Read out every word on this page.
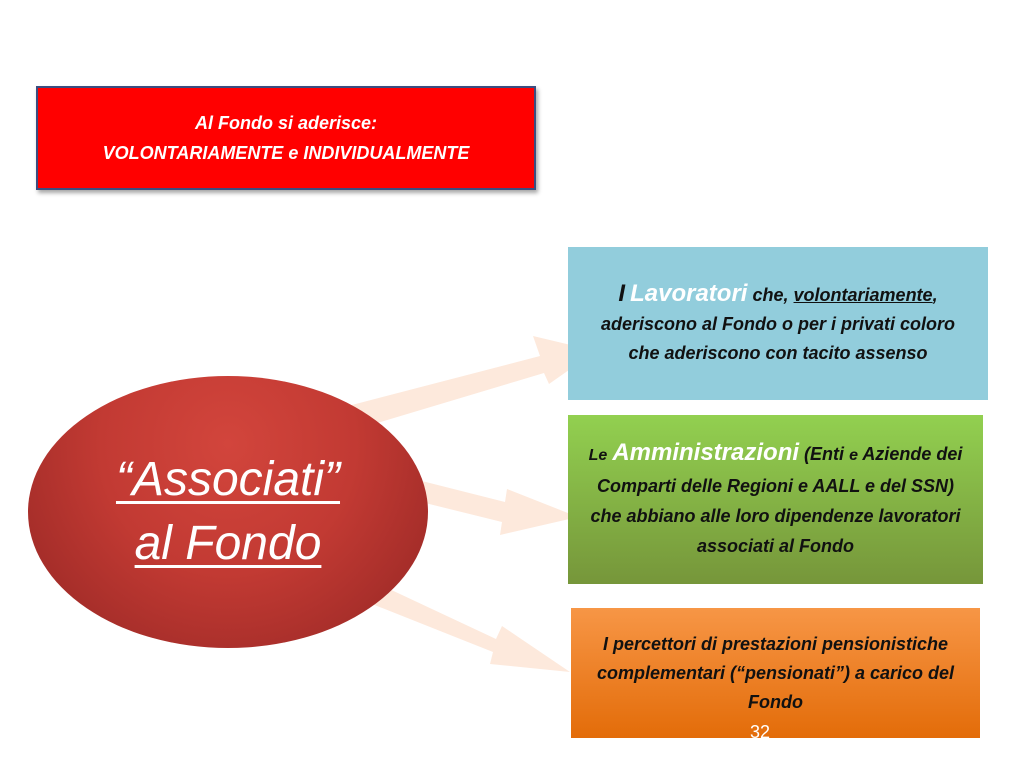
Al Fondo si aderisce:
VOLONTARIAMENTE e INDIVIDUALMENTE
“Associati”
al Fondo
I Lavoratori che, volontariamente, aderiscono al Fondo o per i privati coloro che aderiscono con tacito assenso
Le Amministrazioni (Enti e Aziende dei Comparti delle Regioni e AALL e del SSN) che abbiano alle loro dipendenze lavoratori associati al Fondo
I percettori di prestazioni pensionistiche complementari (“pensionati”) a carico del Fondo
32
